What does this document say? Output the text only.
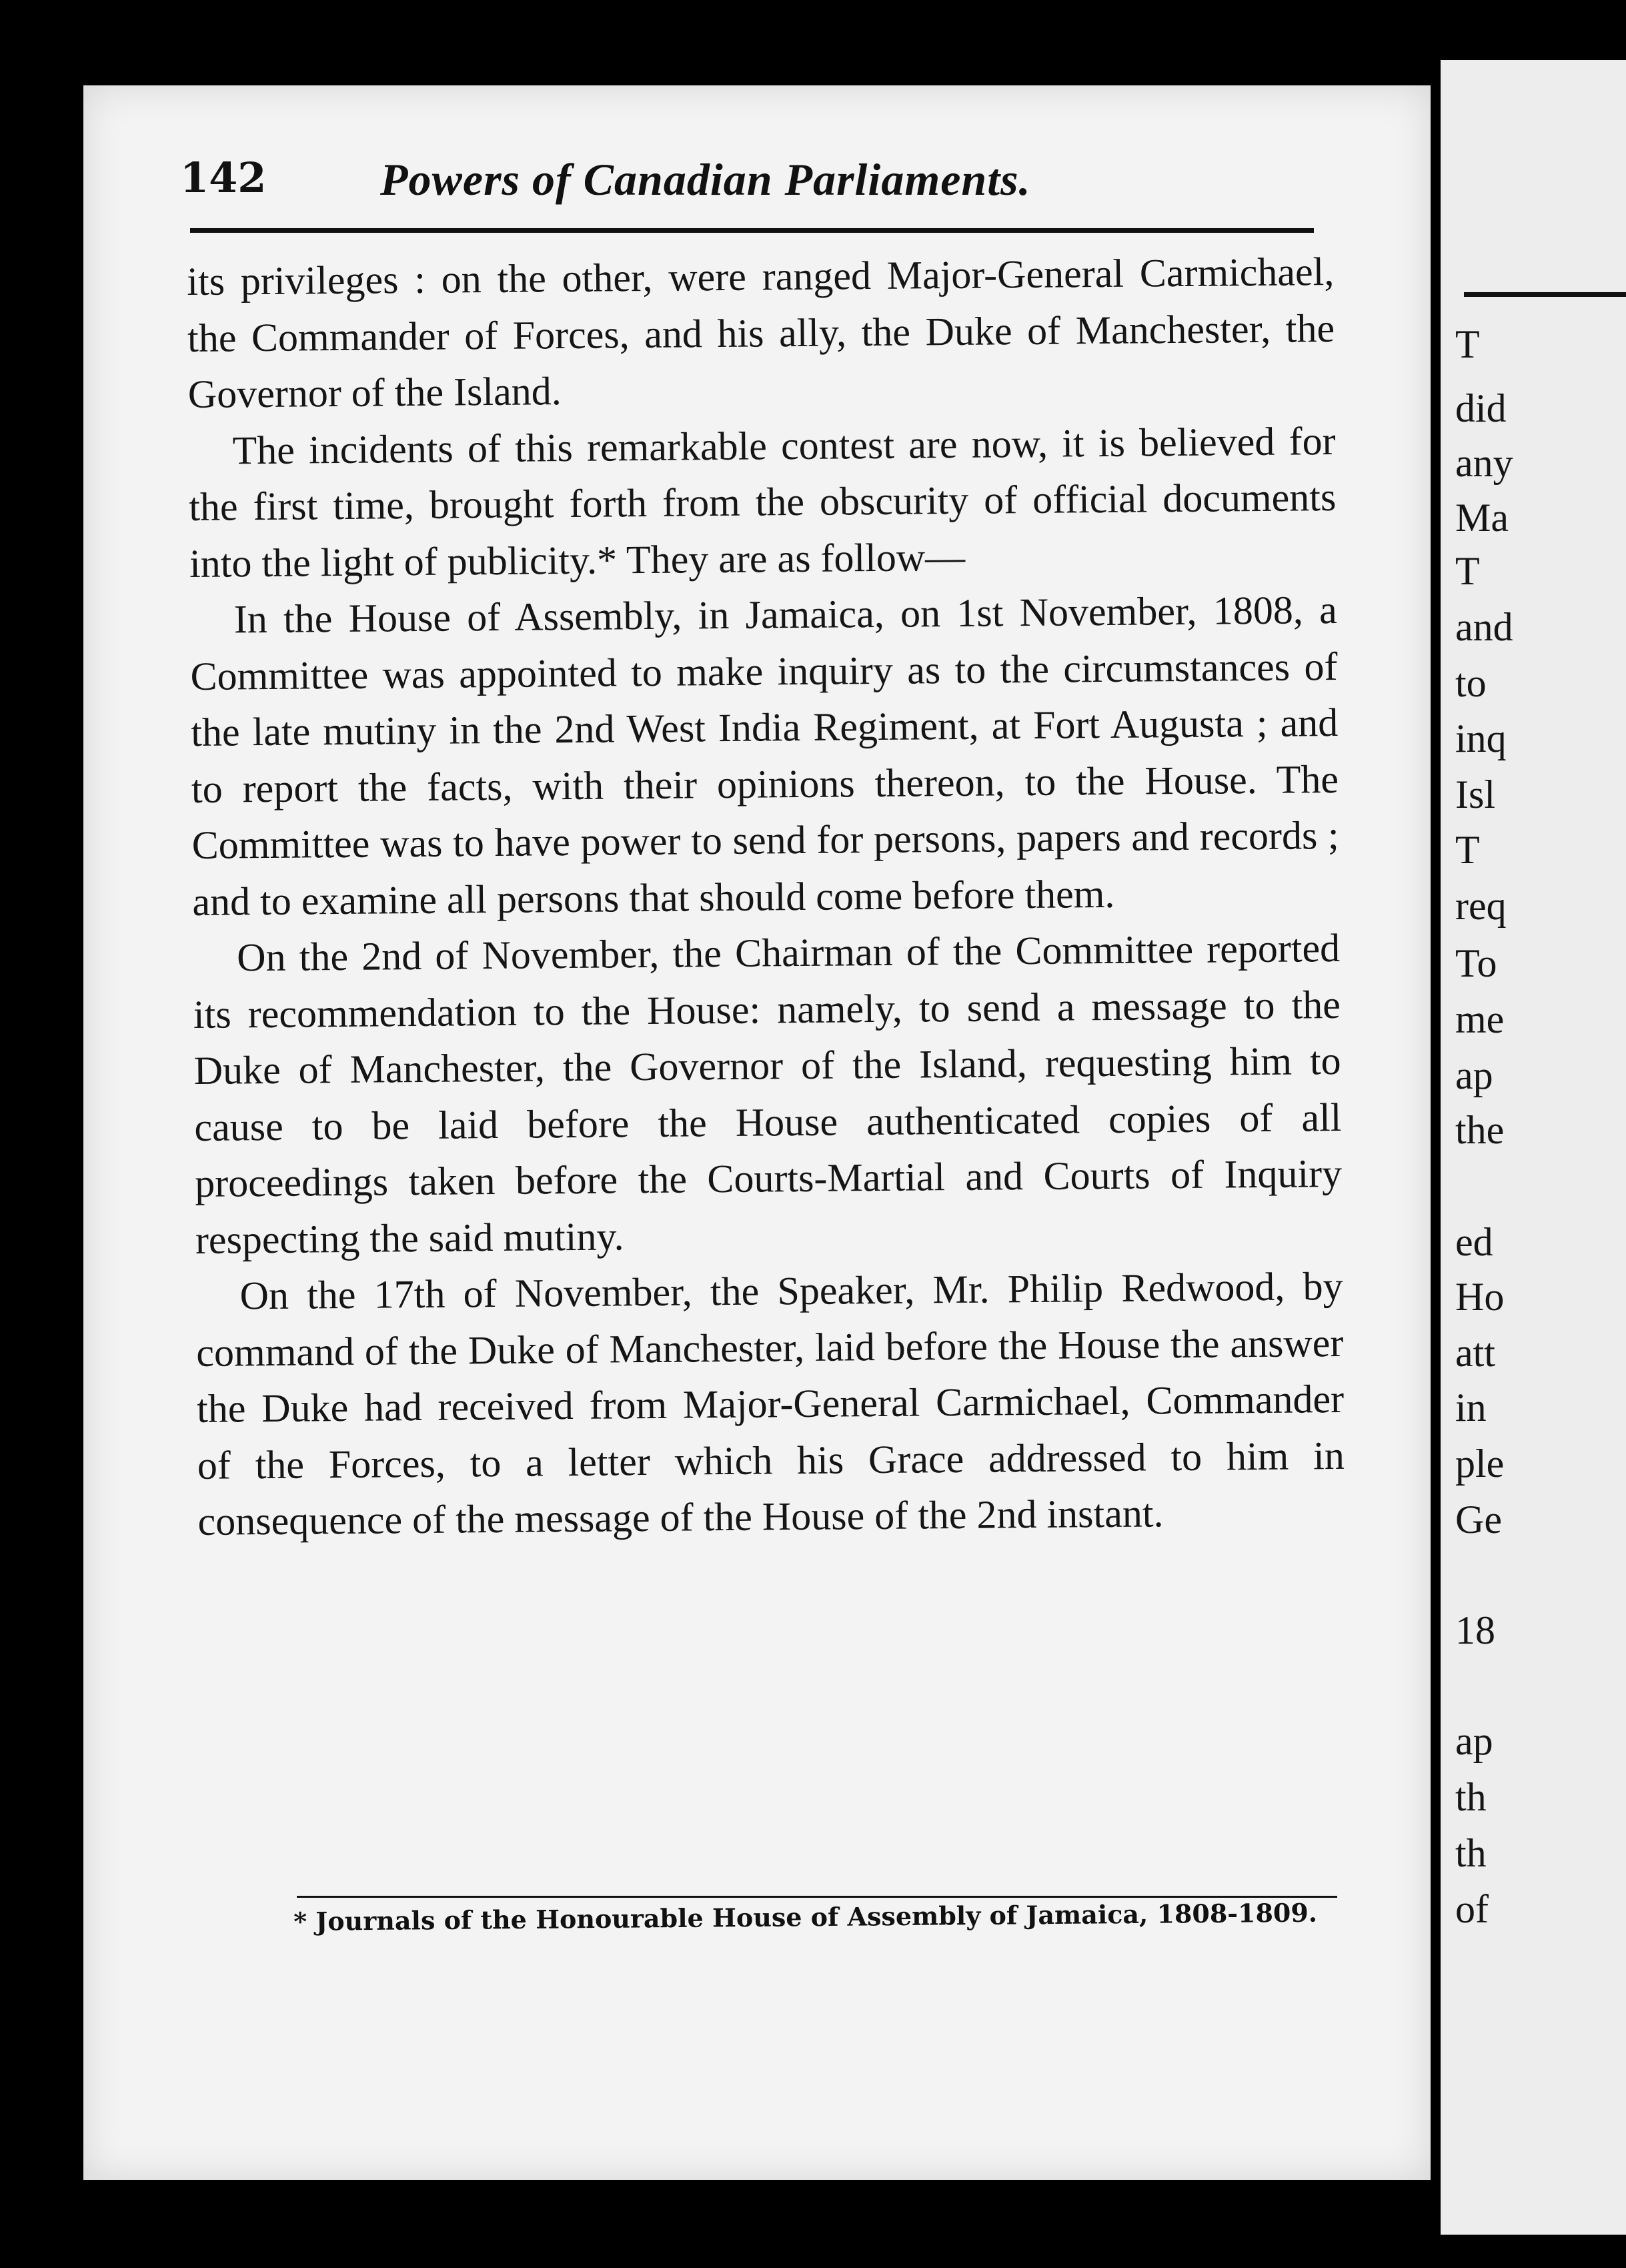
142	Powers of Canadian Parliaments.

its privileges : on the other, were ranged Major-General Carmichael, the Commander of Forces, and his ally, the Duke of Manchester, the Governor of the Island.

The incidents of this remarkable contest are now, it is believed for the first time, brought forth from the obscurity of official documents into the light of publicity.* They are as follow—

In the House of Assembly, in Jamaica, on 1st November, 1808, a Committee was appointed to make inquiry as to the circumstances of the late mutiny in the 2nd West India Regiment, at Fort Augusta ; and to report the facts, with their opinions thereon, to the House. The Committee was to have power to send for persons, papers and records ; and to examine all persons that should come before them.

On the 2nd of November, the Chairman of the Committee reported its recommendation to the House: namely, to send a message to the Duke of Manchester, the Governor of the Island, requesting him to cause to be laid before the House authenticated copies of all proceedings taken before the Courts-Martial and Courts of Inquiry respecting the said mutiny.

On the 17th of November, the Speaker, Mr. Philip Redwood, by command of the Duke of Manchester, laid before the House the answer the Duke had received from Major-General Carmichael, Commander of the Forces, to a letter which his Grace addressed to him in consequence of the message of the House of the 2nd instant.

* Journals of the Honourable House of Assembly of Jamaica, 1808-1809.
T
did
any
Ma
T
and
to
inq
Isl
T
req
To
me
ap
the
ed
Ho
att
in
ple
Ge
18
ap
th
th
of
